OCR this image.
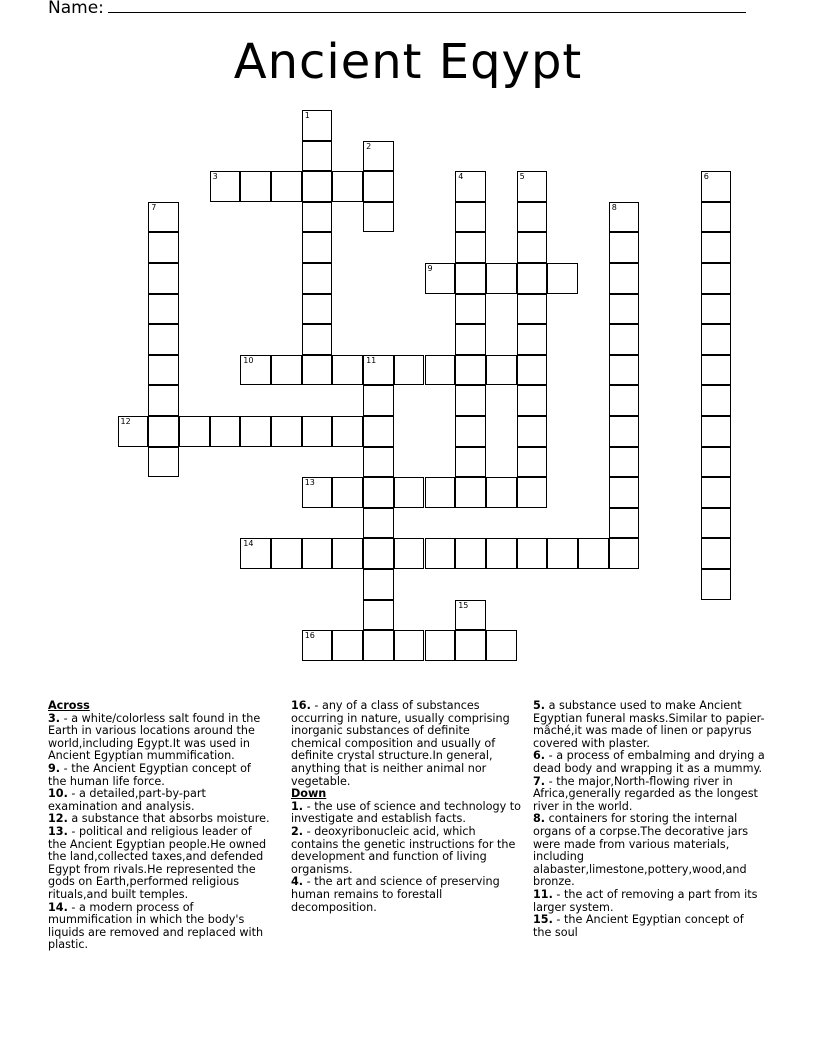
Name:
Ancient Eqypt
3
9
10	11
12
13
14
16
1
2
4	5	6
7	8
15
Across
3. - a white/colorless salt found in the Earth in various locations around the world,including Egypt.It was used in Ancient Egyptian mummification.
9. - the Ancient Egyptian concept of the human life force.
10. - a detailed,part-by-part examination and analysis.
12. a substance that absorbs moisture.
13. - political and religious leader of the Ancient Egyptian people.He owned the land,collected taxes,and defended Egypt from rivals.He represented the gods on Earth,performed religious rituals,and built temples.
14. - a modern process of mummification in which the body's liquids are removed and replaced with plastic.
16. - any of a class of substances occurring in nature, usually comprising inorganic substances of definite chemical composition and usually of definite crystal structure.In general, anything that is neither animal nor vegetable.
Down
1. - the use of science and technology to investigate and establish facts.
2. - deoxyribonucleic acid, which contains the genetic instructions for the development and function of living organisms.
4. - the art and science of preserving human remains to forestall decomposition.
5. a substance used to make Ancient Egyptian funeral masks.Similar to papier-mâché,it was made of linen or papyrus covered with plaster.
6. - a process of embalming and drying a dead body and wrapping it as a mummy.
7. - the major,North-flowing river in Africa,generally regarded as the longest river in the world.
8. containers for storing the internal organs of a corpse.The decorative jars were made from various materials, including alabaster,limestone,pottery,wood,and bronze.
11. - the act of removing a part from its larger system.
15. - the Ancient Egyptian concept of the soul
